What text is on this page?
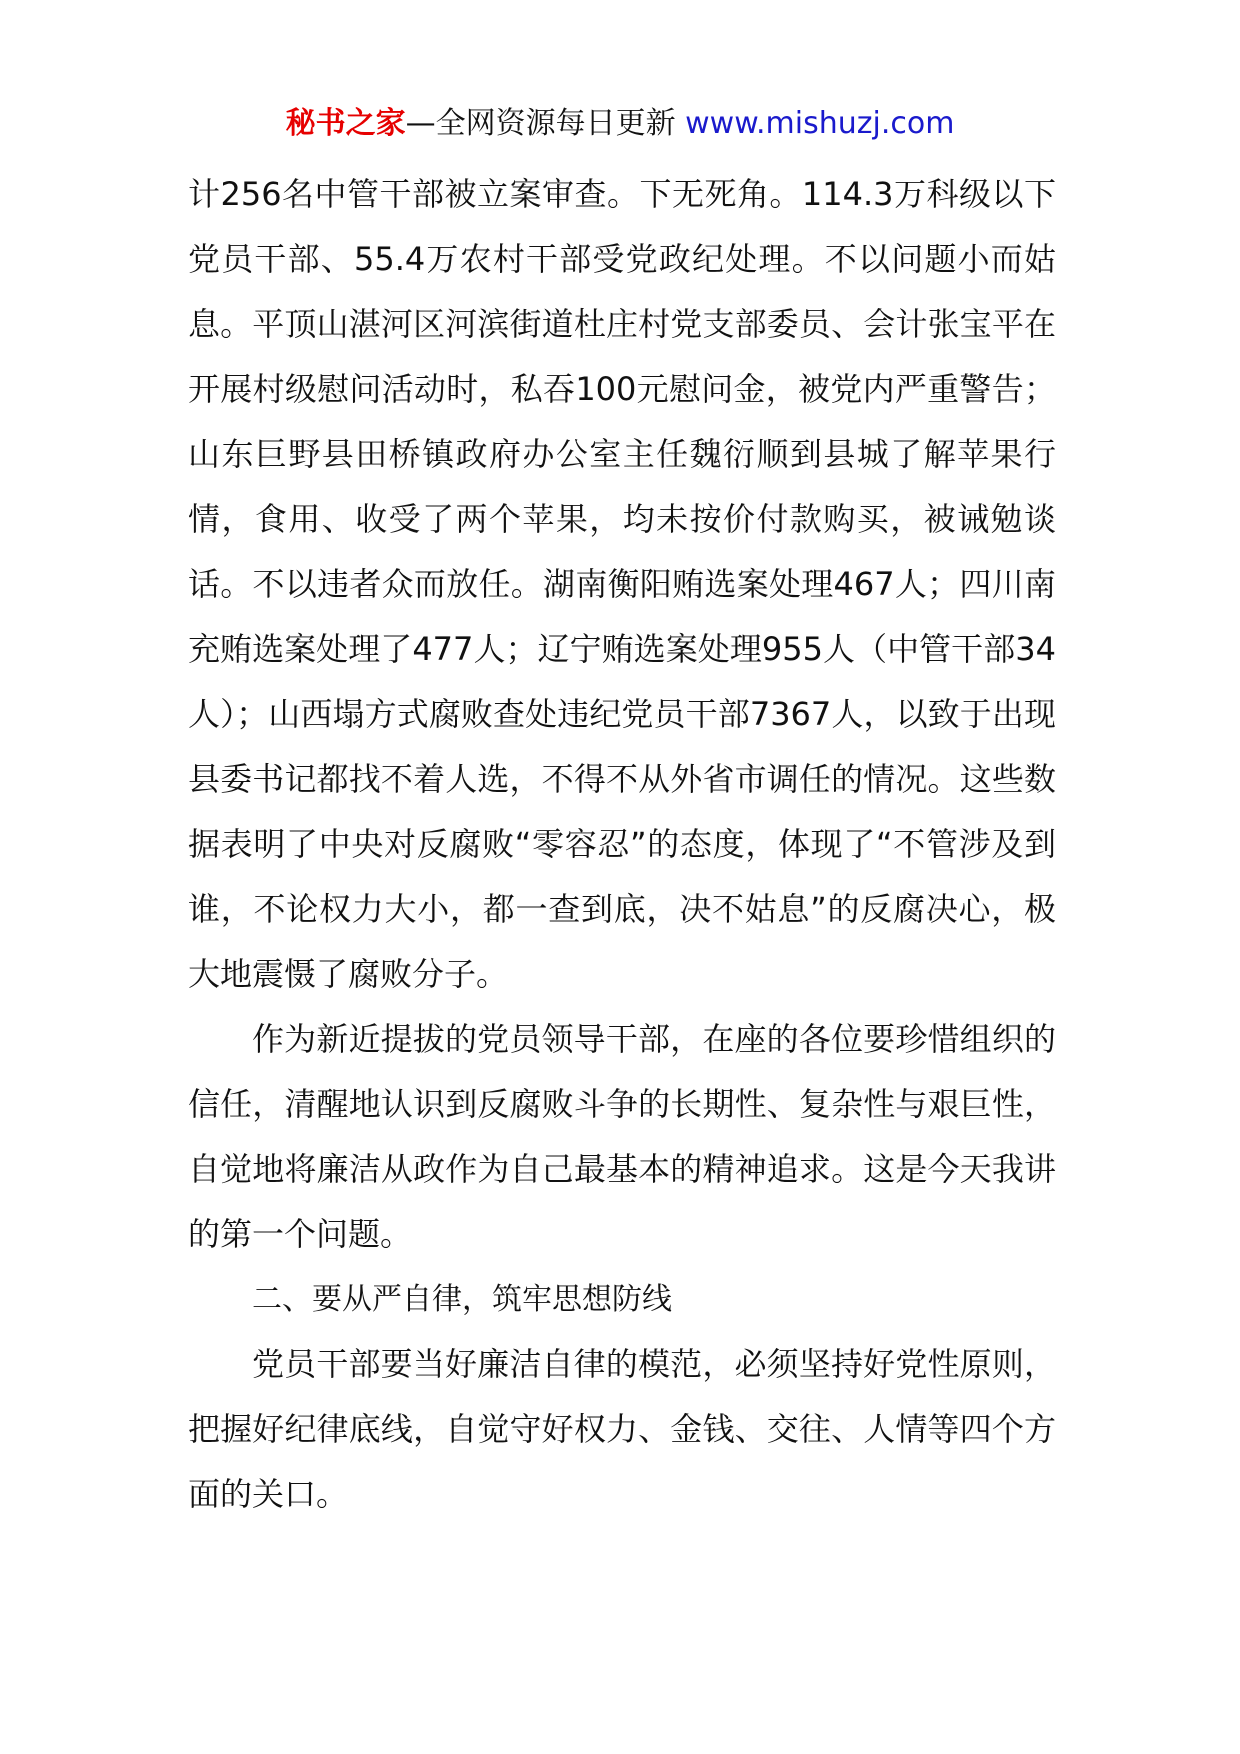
秘书之家—全网资源每日更新 www.mishuzj.com

计256名中管干部被立案审查。下无死角。114.3万科级以下党员干部、55.4万农村干部受党政纪处理。不以问题小而姑息。平顶山湛河区河滨街道杜庄村党支部委员、会计张宝平在开展村级慰问活动时，私吞100元慰问金，被党内严重警告；山东巨野县田桥镇政府办公室主任魏衍顺到县城了解苹果行情，食用、收受了两个苹果，均未按价付款购买，被诫勉谈话。不以违者众而放任。湖南衡阳贿选案处理467人；四川南充贿选案处理了477人；辽宁贿选案处理955人（中管干部34人）；山西塌方式腐败查处违纪党员干部7367人，以致于出现县委书记都找不着人选，不得不从外省市调任的情况。这些数据表明了中央对反腐败“零容忍”的态度，体现了“不管涉及到谁，不论权力大小，都一查到底，决不姑息”的反腐决心，极大地震慑了腐败分子。

作为新近提拔的党员领导干部，在座的各位要珍惜组织的信任，清醒地认识到反腐败斗争的长期性、复杂性与艰巨性，自觉地将廉洁从政作为自己最基本的精神追求。这是今天我讲的第一个问题。

二、要从严自律，筑牢思想防线

党员干部要当好廉洁自律的模范，必须坚持好党性原则，把握好纪律底线，自觉守好权力、金钱、交往、人情等四个方面的关口。
